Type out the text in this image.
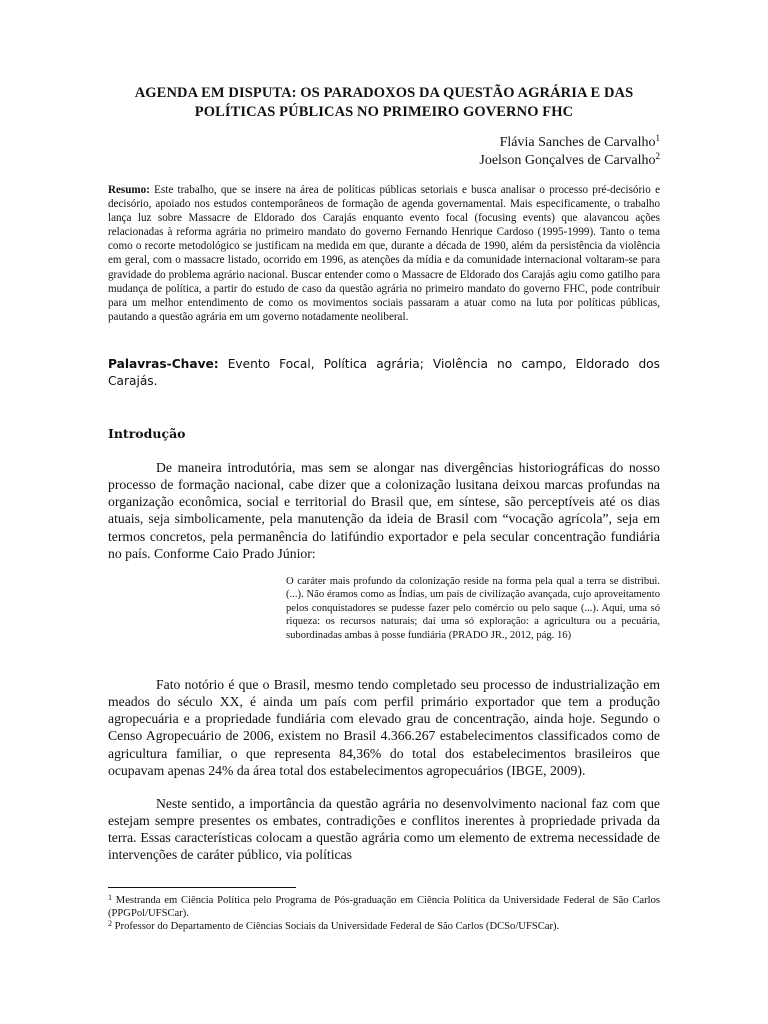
AGENDA EM DISPUTA: OS PARADOXOS DA QUESTÃO AGRÁRIA E DAS
POLÍTICAS PÚBLICAS NO PRIMEIRO GOVERNO FHC
Flávia Sanches de Carvalho$^1$
Joelson Gonçalves de Carvalho$^2$
Resumo: Este trabalho, que se insere na área de políticas públicas setoriais e busca analisar o processo pré-decisório e decisório, apoiado nos estudos contemporâneos de formação de agenda governamental. Mais especificamente, o trabalho lança luz sobre Massacre de Eldorado dos Carajás enquanto evento focal (focusing events) que alavancou ações relacionadas à reforma agrária no primeiro mandato do governo Fernando Henrique Cardoso (1995-1999). Tanto o tema como o recorte metodológico se justificam na medida em que, durante a década de 1990, além da persistência da violência em geral, com o massacre listado, ocorrido em 1996, as atenções da mídia e da comunidade internacional voltaram-se para gravidade do problema agrário nacional. Buscar entender como o Massacre de Eldorado dos Carajás agiu como gatilho para mudança de política, a partir do estudo de caso da questão agrária no primeiro mandato do governo FHC, pode contribuir para um melhor entendimento de como os movimentos sociais passaram a atuar como na luta por políticas públicas, pautando a questão agrária em um governo notadamente neoliberal.
Palavras-Chave: Evento Focal, Política agrária; Violência no campo, Eldorado dos Carajás.
Introdução

De maneira introdutória, mas sem se alongar nas divergências historiográficas do nosso processo de formação nacional, cabe dizer que a colonização lusitana deixou marcas profundas na organização econômica, social e territorial do Brasil que, em síntese, são perceptíveis até os dias atuais, seja simbolicamente, pela manutenção da ideia de Brasil com “vocação agrícola”, seja em termos concretos, pela permanência do latifúndio exportador e pela secular concentração fundiária no país. Conforme Caio Prado Júnior:

O caráter mais profundo da colonização reside na forma pela qual a terra se distribui. (...). Não éramos como as Índias, um país de civilização avançada, cujo aproveitamento pelos conquistadores se pudesse fazer pelo comércio ou pelo saque (...). Aqui, uma só riqueza: os recursos naturais; daí uma só exploração: a agricultura ou a pecuária, subordinadas ambas à posse fundiária (PRADO JR., 2012, pág. 16)

Fato notório é que o Brasil, mesmo tendo completado seu processo de industrialização em meados do século XX, é ainda um país com perfil primário exportador que tem a produção agropecuária e a propriedade fundiária com elevado grau de concentração, ainda hoje. Segundo o Censo Agropecuário de 2006, existem no Brasil 4.366.267 estabelecimentos classificados como de agricultura familiar, o que representa 84,36% do total dos estabelecimentos brasileiros que ocupavam apenas 24% da área total dos estabelecimentos agropecuários (IBGE, 2009).

Neste sentido, a importância da questão agrária no desenvolvimento nacional faz com que estejam sempre presentes os embates, contradições e conflitos inerentes à propriedade privada da terra. Essas características colocam a questão agrária como um elemento de extrema necessidade de intervenções de caráter público, via políticas

$^1$ Mestranda em Ciência Política pelo Programa de Pós-graduação em Ciência Política da Universidade Federal de São Carlos (PPGPol/UFSCar).

$^2$ Professor do Departamento de Ciências Sociais da Universidade Federal de São Carlos (DCSo/UFSCar).
